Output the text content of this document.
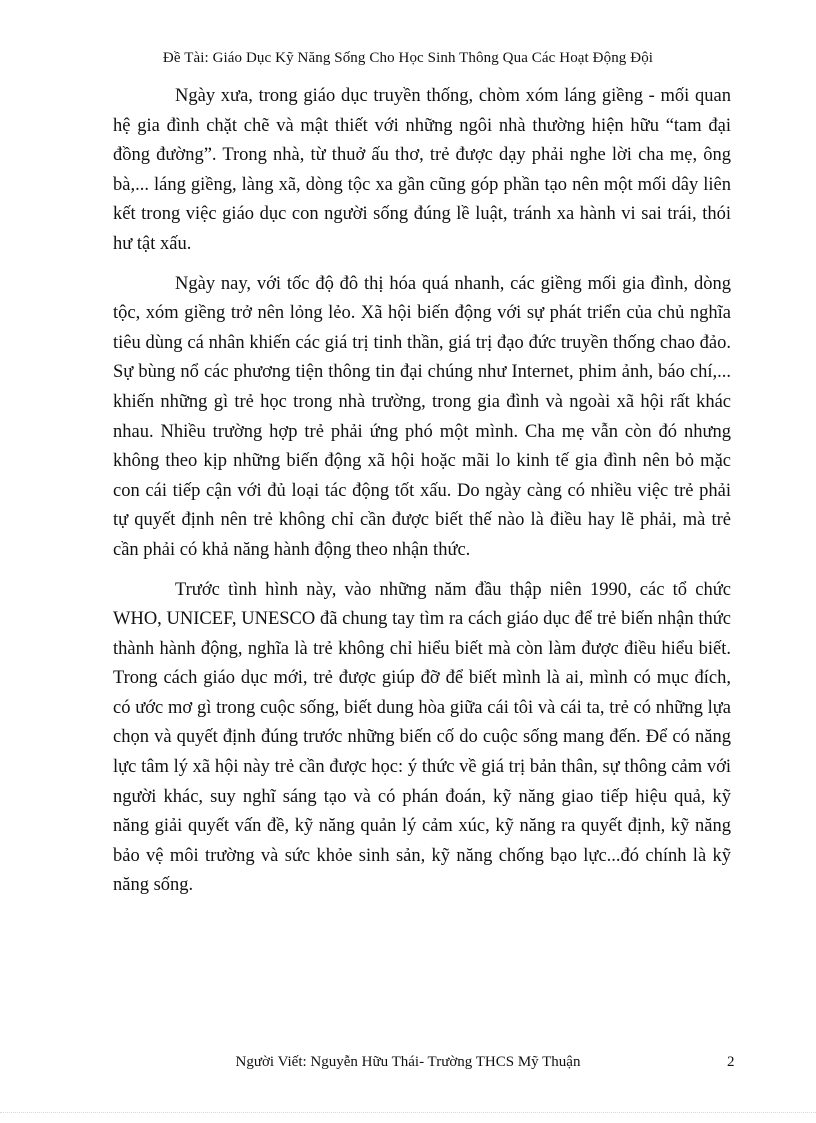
Đề Tài: Giáo Dục Kỹ Năng Sống Cho Học Sinh Thông Qua Các Hoạt Động Đội

Ngày xưa, trong giáo dục truyền thống, chòm xóm láng giềng - mối quan hệ gia đình chặt chẽ và mật thiết với những ngôi nhà thường hiện hữu “tam đại đồng đường”. Trong nhà, từ thuở ấu thơ, trẻ được dạy phải nghe lời cha mẹ, ông bà,... láng giềng, làng xã, dòng tộc xa gần cũng góp phần tạo nên một mối dây liên kết trong việc giáo dục con người sống đúng lề luật, tránh xa hành vi sai trái, thói hư tật xấu.

Ngày nay, với tốc độ đô thị hóa quá nhanh, các giềng mối gia đình, dòng tộc, xóm giềng trở nên lỏng lẻo. Xã hội biến động với sự phát triển của chủ nghĩa tiêu dùng cá nhân khiến các giá trị tinh thần, giá trị đạo đức truyền thống chao đảo. Sự bùng nổ các phương tiện thông tin đại chúng như Internet, phim ảnh, báo chí,... khiến những gì trẻ học trong nhà trường, trong gia đình và ngoài xã hội rất khác nhau. Nhiều trường hợp trẻ phải ứng phó một mình. Cha mẹ vẫn còn đó nhưng không theo kịp những biến động xã hội hoặc mãi lo kinh tế gia đình nên bỏ mặc con cái tiếp cận với đủ loại tác động tốt xấu. Do ngày càng có nhiều việc trẻ phải tự quyết định nên trẻ không chỉ cần được biết thế nào là điều hay lẽ phải, mà trẻ cần phải có khả năng hành động theo nhận thức.

Trước tình hình này, vào những năm đầu thập niên 1990, các tổ chức WHO, UNICEF, UNESCO đã chung tay tìm ra cách giáo dục để trẻ biến nhận thức thành hành động, nghĩa là trẻ không chỉ hiểu biết mà còn làm được điều hiểu biết. Trong cách giáo dục mới, trẻ được giúp đỡ để biết mình là ai, mình có mục đích, có ước mơ gì trong cuộc sống, biết dung hòa giữa cái tôi và cái ta, trẻ có những lựa chọn và quyết định đúng trước những biến cố do cuộc sống mang đến. Để có năng lực tâm lý xã hội này trẻ cần được học: ý thức về giá trị bản thân, sự thông cảm với người khác, suy nghĩ sáng tạo và có phán đoán, kỹ năng giao tiếp hiệu quả, kỹ năng giải quyết vấn đề, kỹ năng quản lý cảm xúc, kỹ năng ra quyết định, kỹ năng bảo vệ môi trường và sức khỏe sinh sản, kỹ năng chống bạo lực...đó chính là kỹ năng sống.

Người Viết: Nguyễn Hữu Thái- Trường THCS Mỹ Thuận	2
